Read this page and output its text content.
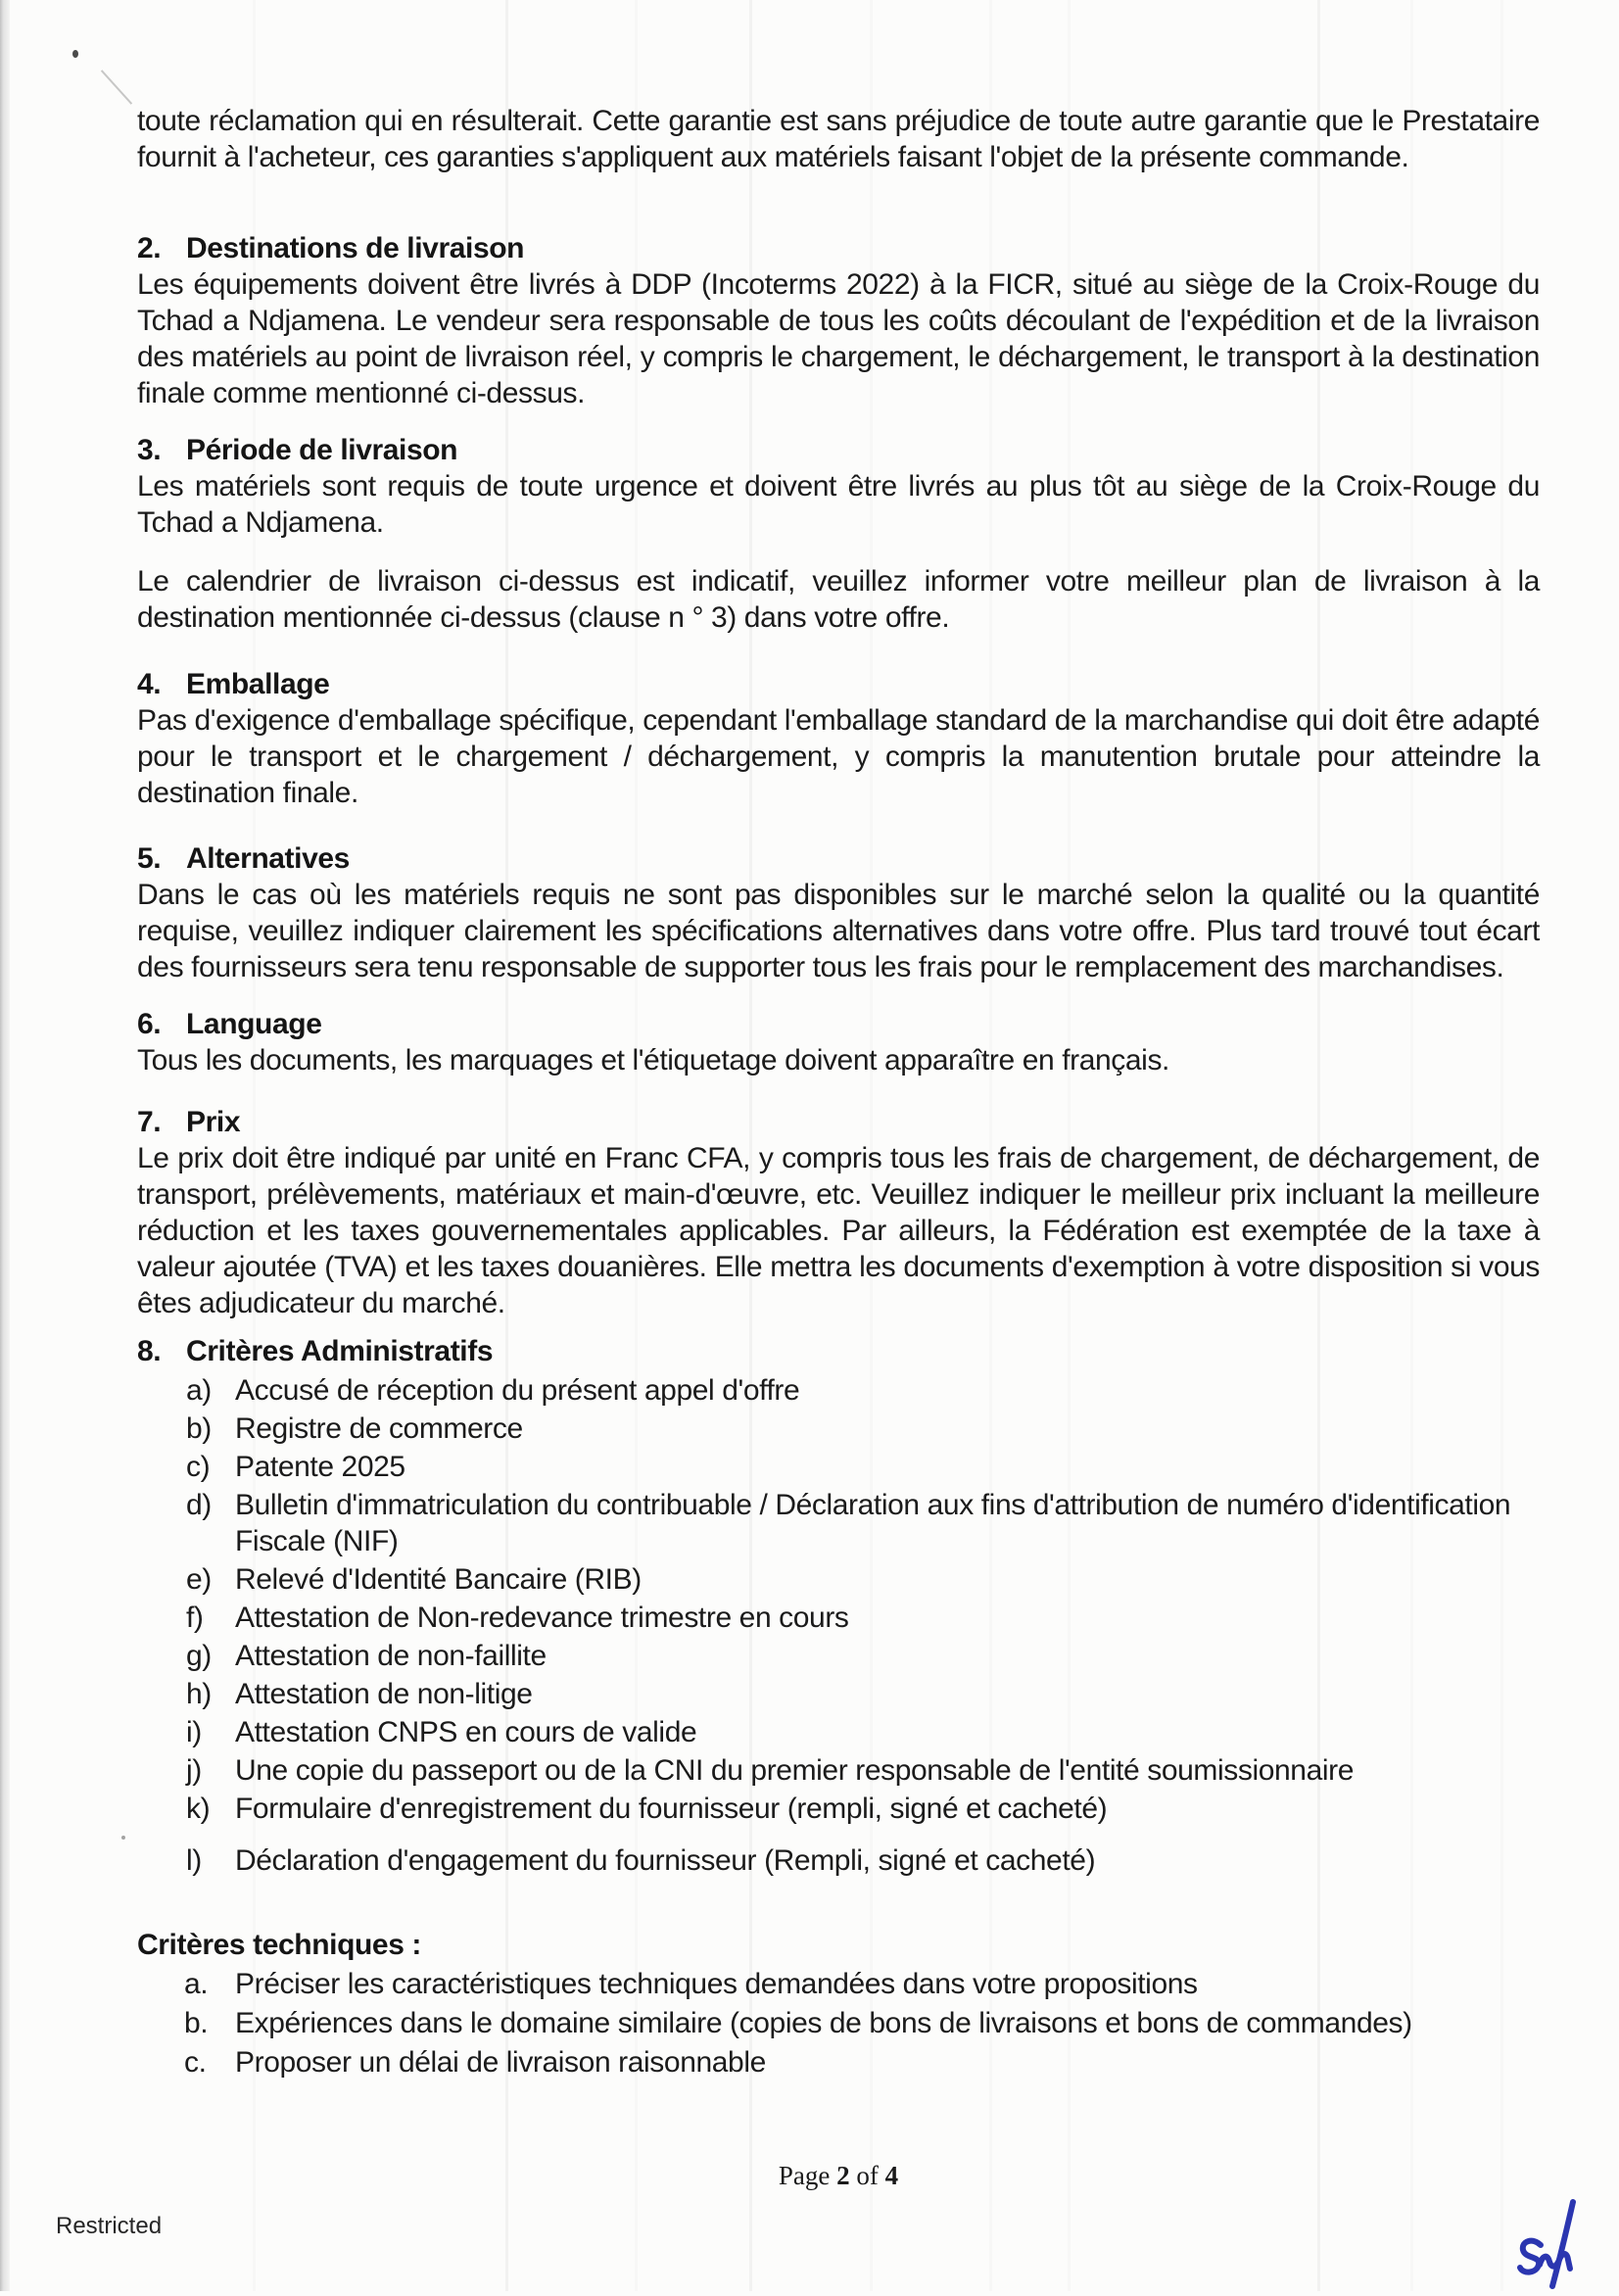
toute réclamation qui en résulterait. Cette garantie est sans préjudice de toute autre garantie que le Prestataire fournit à l'acheteur, ces garanties s'appliquent aux matériels faisant l'objet de la présente commande.

2. Destinations de livraison

Les équipements doivent être livrés à DDP (Incoterms 2022) à la FICR, situé au siège de la Croix-Rouge du Tchad a Ndjamena. Le vendeur sera responsable de tous les coûts découlant de l'expédition et de la livraison des matériels au point de livraison réel, y compris le chargement, le déchargement, le transport à la destination finale comme mentionné ci-dessus.

3. Période de livraison

Les matériels sont requis de toute urgence et doivent être livrés au plus tôt au siège de la Croix-Rouge du Tchad a Ndjamena.

Le calendrier de livraison ci-dessus est indicatif, veuillez informer votre meilleur plan de livraison à la destination mentionnée ci-dessus (clause n ° 3) dans votre offre.

4. Emballage

Pas d'exigence d'emballage spécifique, cependant l'emballage standard de la marchandise qui doit être adapté pour le transport et le chargement / déchargement, y compris la manutention brutale pour atteindre la destination finale.

5. Alternatives

Dans le cas où les matériels requis ne sont pas disponibles sur le marché selon la qualité ou la quantité requise, veuillez indiquer clairement les spécifications alternatives dans votre offre. Plus tard trouvé tout écart des fournisseurs sera tenu responsable de supporter tous les frais pour le remplacement des marchandises.

6. Language

Tous les documents, les marquages et l'étiquetage doivent apparaître en français.

7. Prix

Le prix doit être indiqué par unité en Franc CFA, y compris tous les frais de chargement, de déchargement, de transport, prélèvements, matériaux et main-d'œuvre, etc. Veuillez indiquer le meilleur prix incluant la meilleure réduction et les taxes gouvernementales applicables. Par ailleurs, la Fédération est exemptée de la taxe à valeur ajoutée (TVA) et les taxes douanières. Elle mettra les documents d'exemption à votre disposition si vous êtes adjudicateur du marché.

8. Critères Administratifs
a) Accusé de réception du présent appel d'offre
b) Registre de commerce
c) Patente 2025
d) Bulletin d'immatriculation du contribuable / Déclaration aux fins d'attribution de numéro d'identification Fiscale (NIF)
e) Relevé d'Identité Bancaire (RIB)
f)	Attestation de Non-redevance trimestre en cours
g) Attestation de non-faillite
h) Attestation de non-litige
i)	Attestation CNPS en cours de valide
j)	Une copie du passeport ou de la CNI du premier responsable de l'entité soumissionnaire
k) Formulaire d'enregistrement du fournisseur (rempli, signé et cacheté)
l)	Déclaration d'engagement du fournisseur (Rempli, signé et cacheté)
Critères techniques :
a. Préciser les caractéristiques techniques demandées dans votre propositions
b. Expériences dans le domaine similaire (copies de bons de livraisons et bons de commandes)
c. Proposer un délai de livraison raisonnable
Page 2 of 4
Restricted
